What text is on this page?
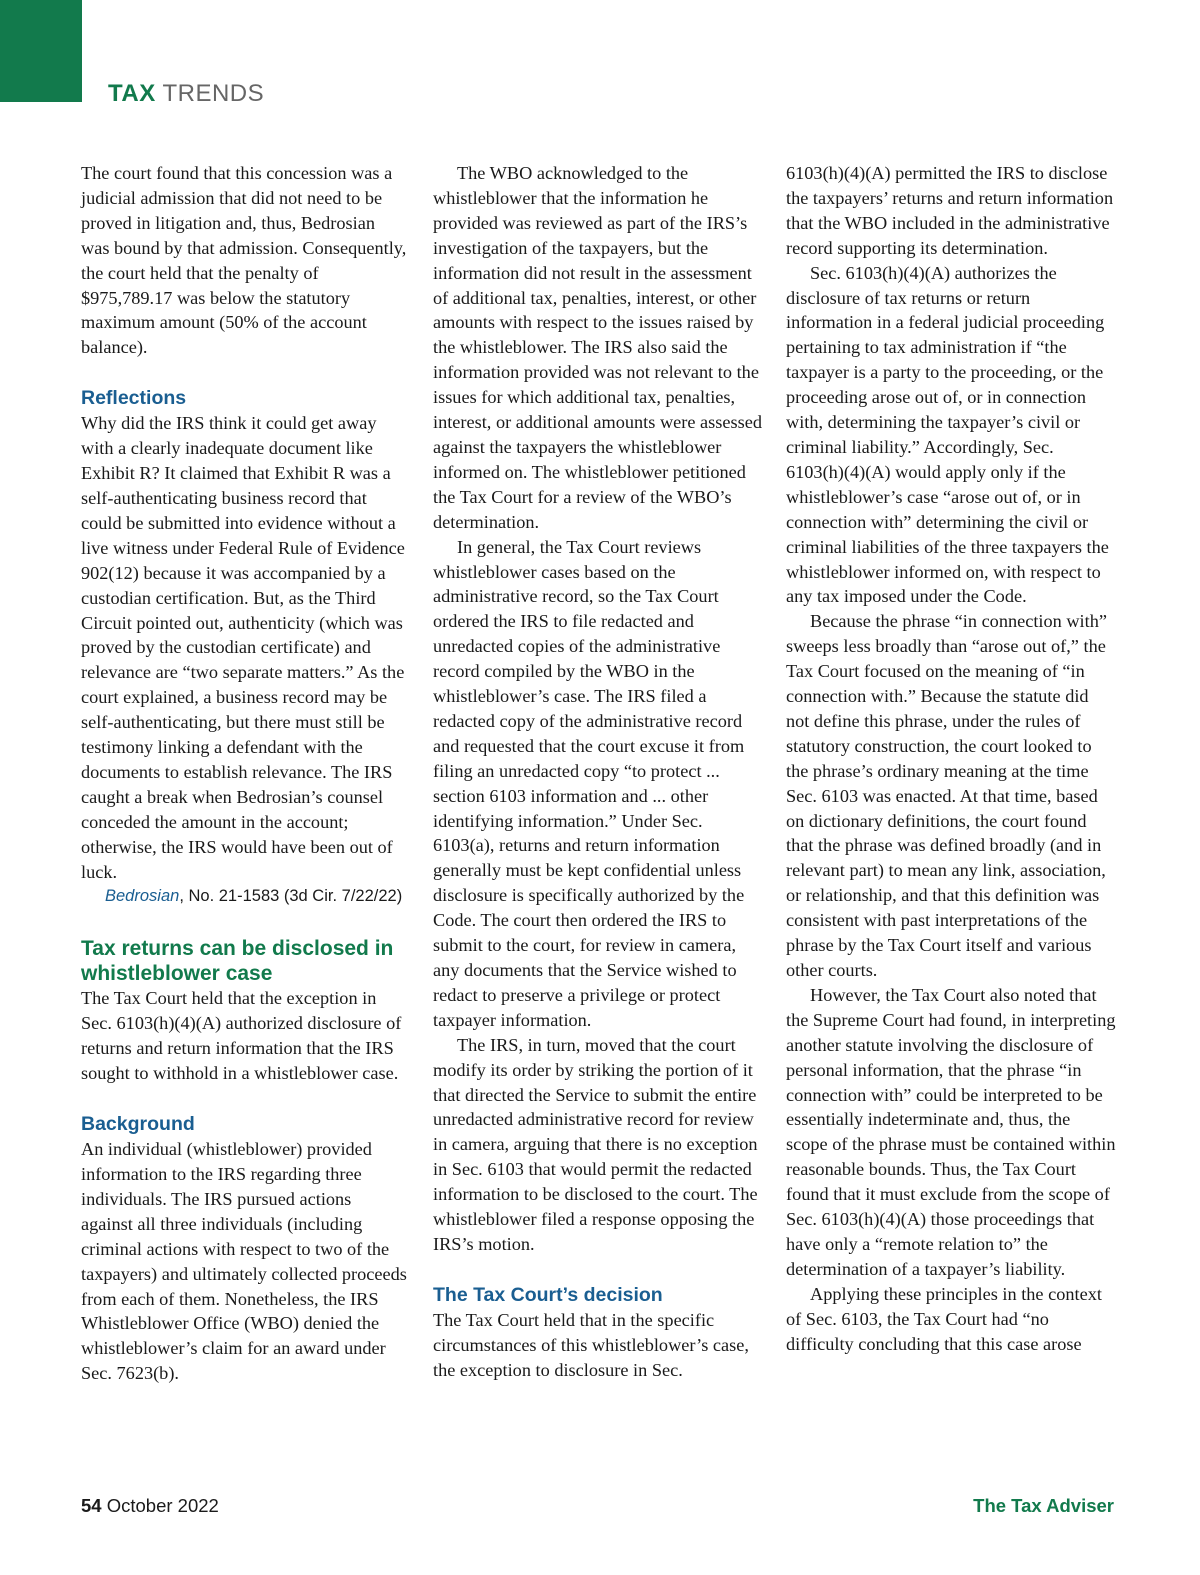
TAX TRENDS

The court found that this concession was a judicial admission that did not need to be proved in litigation and, thus, Bedrosian was bound by that admission. Consequently, the court held that the penalty of $975,789.17 was below the statutory maximum amount (50% of the account balance).

Reflections

Why did the IRS think it could get away with a clearly inadequate document like Exhibit R? It claimed that Exhibit R was a self-authenticating business record that could be submitted into evidence without a live witness under Federal Rule of Evidence 902(12) because it was accompanied by a custodian certification. But, as the Third Circuit pointed out, authenticity (which was proved by the custodian certificate) and relevance are “two separate matters.” As the court explained, a business record may be self-authenticating, but there must still be testimony linking a defendant with the documents to establish relevance. The IRS caught a break when Bedrosian’s counsel conceded the amount in the account; otherwise, the IRS would have been out of luck.

Bedrosian, No. 21-1583 (3d Cir. 7/22/22)

Tax returns can be disclosed in whistleblower case

The Tax Court held that the exception in Sec. 6103(h)(4)(A) authorized disclosure of returns and return information that the IRS sought to withhold in a whistleblower case.

Background

An individual (whistleblower) provided information to the IRS regarding three individuals. The IRS pursued actions against all three individuals (including criminal actions with respect to two of the taxpayers) and ultimately collected proceeds from each of them. Nonetheless, the IRS Whistleblower Office (WBO) denied the whistleblower’s claim for an award under Sec. 7623(b).

The WBO acknowledged to the whistleblower that the information he provided was reviewed as part of the IRS’s investigation of the taxpayers, but the information did not result in the assessment of additional tax, penalties, interest, or other amounts with respect to the issues raised by the whistleblower. The IRS also said the information provided was not relevant to the issues for which additional tax, penalties, interest, or additional amounts were assessed against the taxpayers the whistleblower informed on. The whistleblower petitioned the Tax Court for a review of the WBO’s determination.

In general, the Tax Court reviews whistleblower cases based on the administrative record, so the Tax Court ordered the IRS to file redacted and unredacted copies of the administrative record compiled by the WBO in the whistleblower’s case. The IRS filed a redacted copy of the administrative record and requested that the court excuse it from filing an unredacted copy “to protect ... section 6103 information and ... other identifying information.” Under Sec. 6103(a), returns and return information generally must be kept confidential unless disclosure is specifically authorized by the Code. The court then ordered the IRS to submit to the court, for review in camera, any documents that the Service wished to redact to preserve a privilege or protect taxpayer information.

The IRS, in turn, moved that the court modify its order by striking the portion of it that directed the Service to submit the entire unredacted administrative record for review in camera, arguing that there is no exception in Sec. 6103 that would permit the redacted information to be disclosed to the court. The whistleblower filed a response opposing the IRS’s motion.

The Tax Court’s decision

The Tax Court held that in the specific circumstances of this whistleblower’s case, the exception to disclosure in Sec.

6103(h)(4)(A) permitted the IRS to disclose the taxpayers’ returns and return information that the WBO included in the administrative record supporting its determination.

Sec. 6103(h)(4)(A) authorizes the disclosure of tax returns or return information in a federal judicial proceeding pertaining to tax administration if “the taxpayer is a party to the proceeding, or the proceeding arose out of, or in connection with, determining the taxpayer’s civil or criminal liability.” Accordingly, Sec. 6103(h)(4)(A) would apply only if the whistleblower’s case “arose out of, or in connection with” determining the civil or criminal liabilities of the three taxpayers the whistleblower informed on, with respect to any tax imposed under the Code.

Because the phrase “in connection with” sweeps less broadly than “arose out of,” the Tax Court focused on the meaning of “in connection with.” Because the statute did not define this phrase, under the rules of statutory construction, the court looked to the phrase’s ordinary meaning at the time Sec. 6103 was enacted. At that time, based on dictionary definitions, the court found that the phrase was defined broadly (and in relevant part) to mean any link, association, or relationship, and that this definition was consistent with past interpretations of the phrase by the Tax Court itself and various other courts.

However, the Tax Court also noted that the Supreme Court had found, in interpreting another statute involving the disclosure of personal information, that the phrase “in connection with” could be interpreted to be essentially indeterminate and, thus, the scope of the phrase must be contained within reasonable bounds. Thus, the Tax Court found that it must exclude from the scope of Sec. 6103(h)(4)(A) those proceedings that have only a “remote relation to” the determination of a taxpayer’s liability.

Applying these principles in the context of Sec. 6103, the Tax Court had “no difficulty concluding that this case arose

54 October 2022	The Tax Adviser
